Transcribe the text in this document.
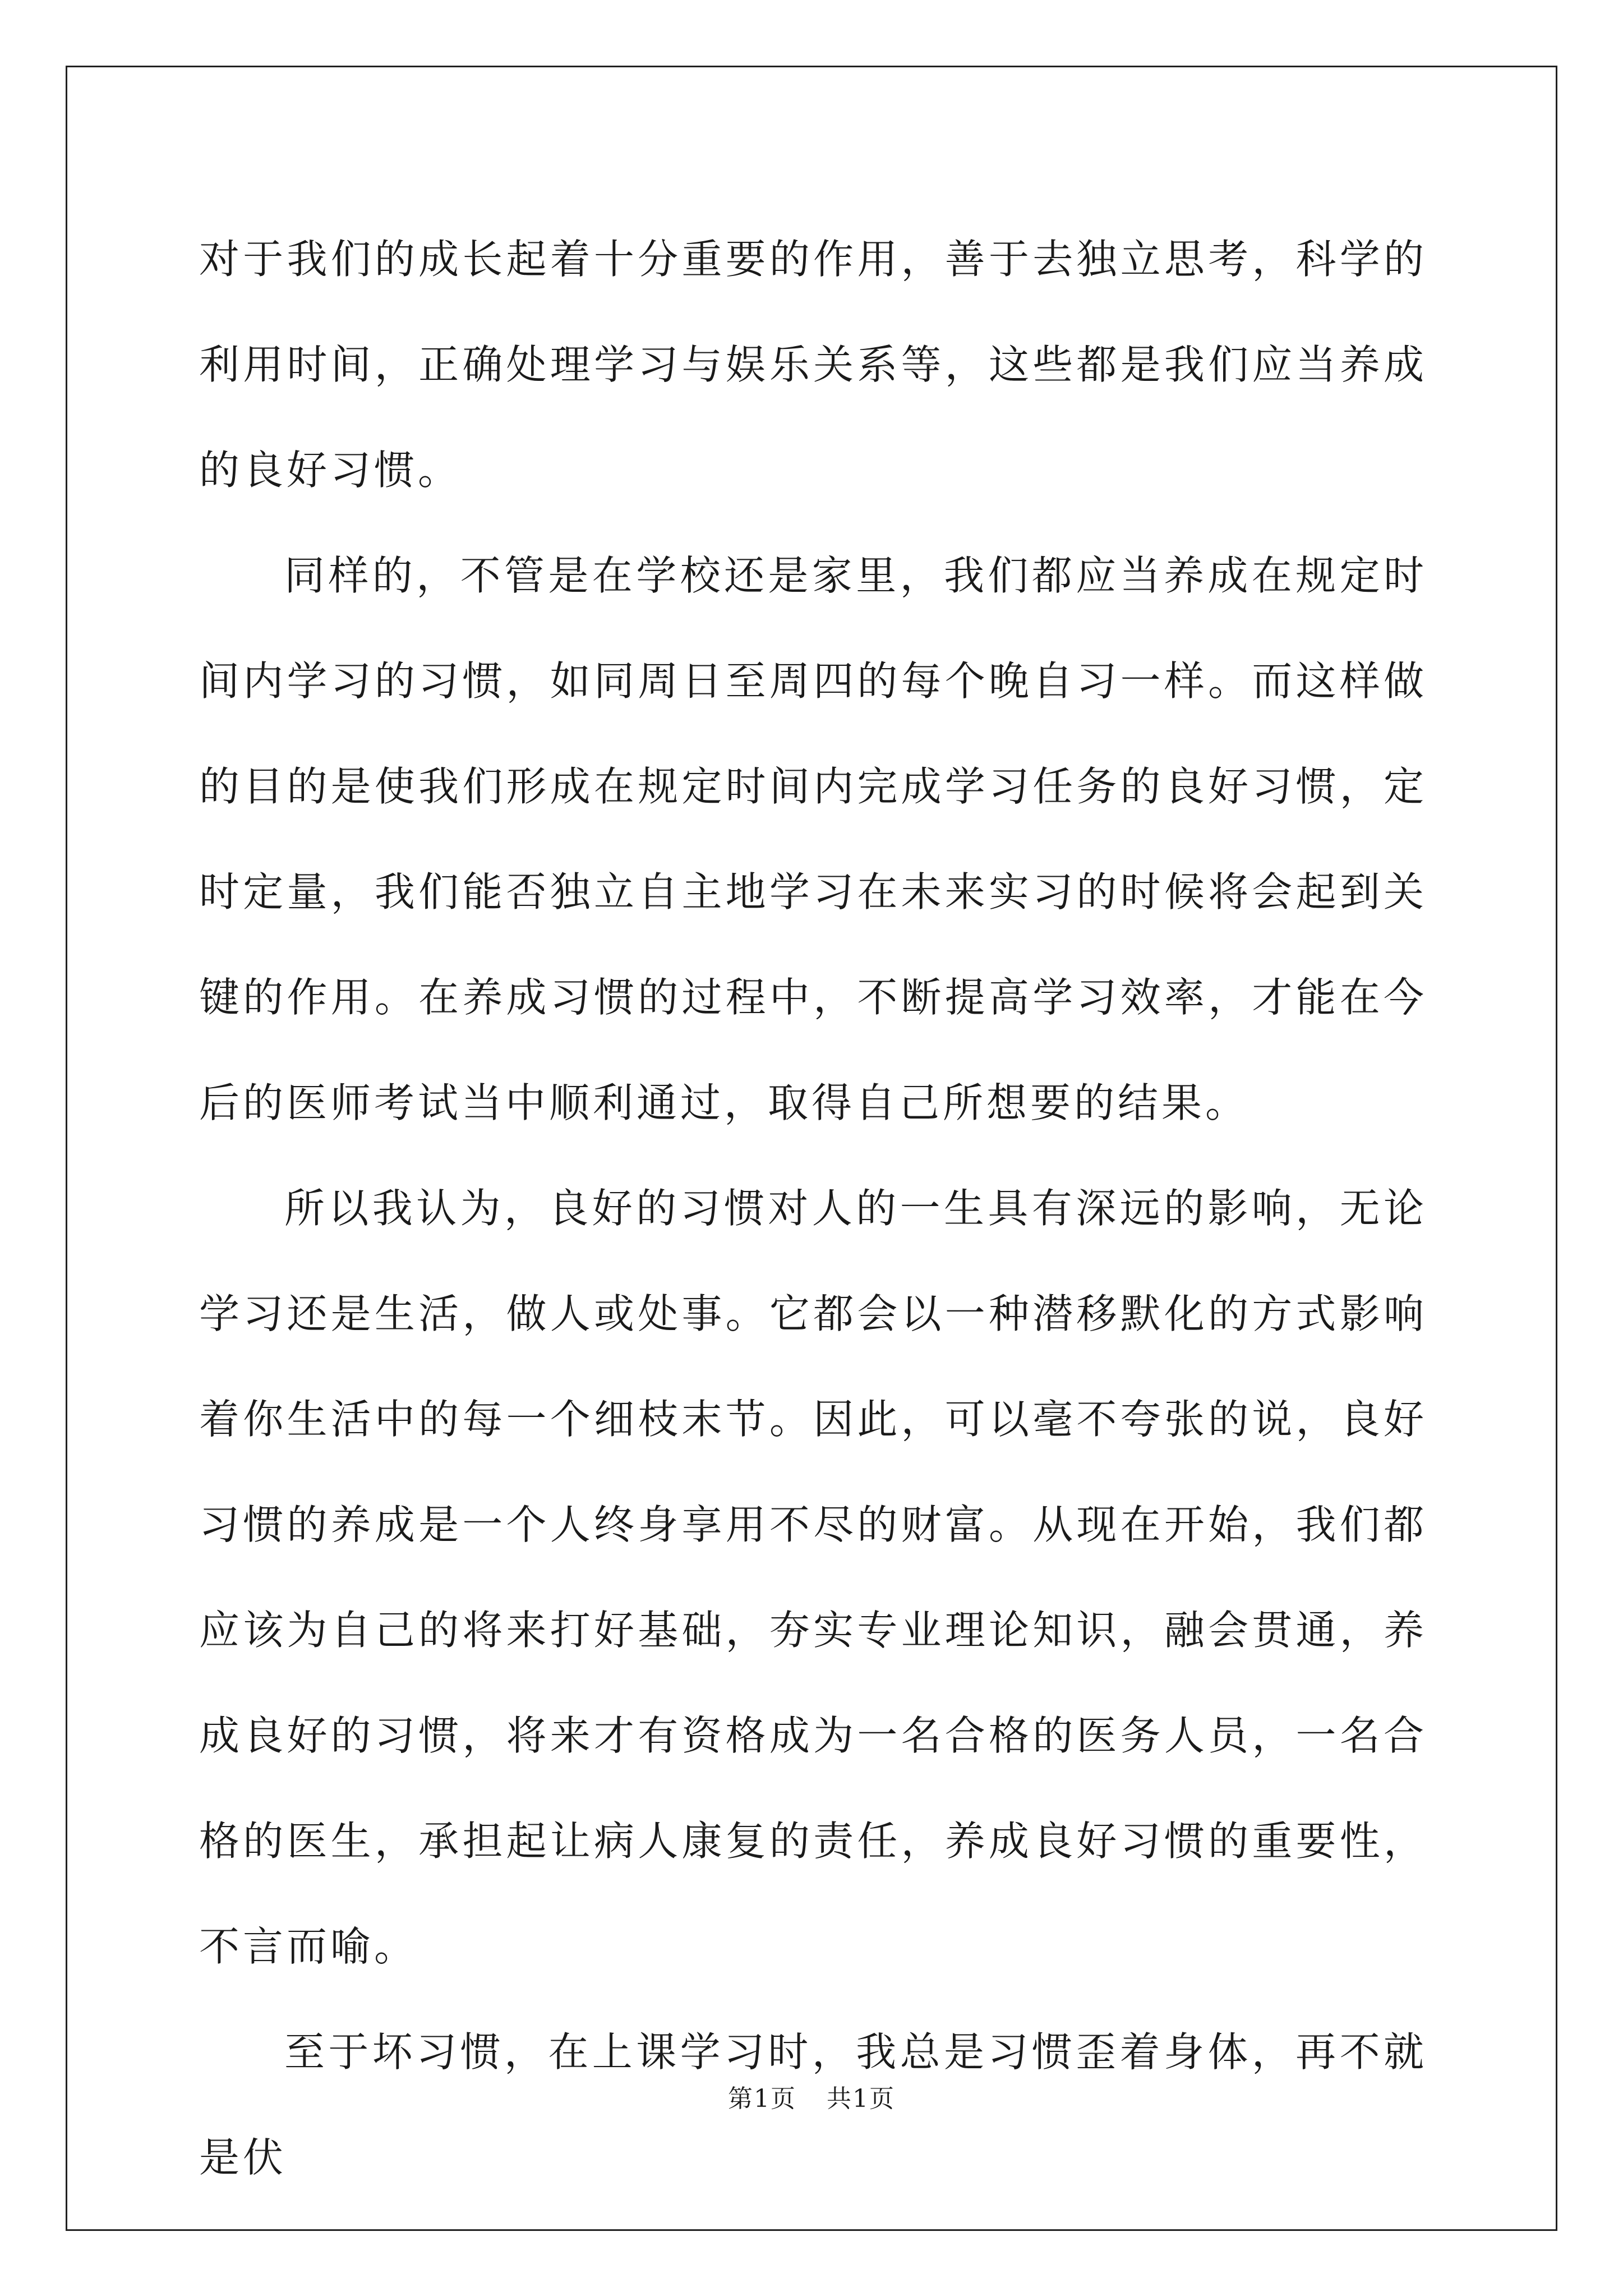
对于我们的成长起着十分重要的作用，善于去独立思考，科学的利用时间，正确处理学习与娱乐关系等，这些都是我们应当养成的良好习惯。

同样的，不管是在学校还是家里，我们都应当养成在规定时间内学习的习惯，如同周日至周四的每个晚自习一样。而这样做的目的是使我们形成在规定时间内完成学习任务的良好习惯，定时定量，我们能否独立自主地学习在未来实习的时候将会起到关键的作用。在养成习惯的过程中，不断提高学习效率，才能在今后的医师考试当中顺利通过，取得自己所想要的结果。

所以我认为，良好的习惯对人的一生具有深远的影响，无论学习还是生活，做人或处事。它都会以一种潜移默化的方式影响着你生活中的每一个细枝末节。因此，可以毫不夸张的说，良好习惯的养成是一个人终身享用不尽的财富。从现在开始，我们都应该为自己的将来打好基础，夯实专业理论知识，融会贯通，养成良好的习惯，将来才有资格成为一名合格的医务人员，一名合格的医生，承担起让病人康复的责任，养成良好习惯的重要性，不言而喻。

至于坏习惯，在上课学习时，我总是习惯歪着身体，再不就是伏

第1页 共1页
